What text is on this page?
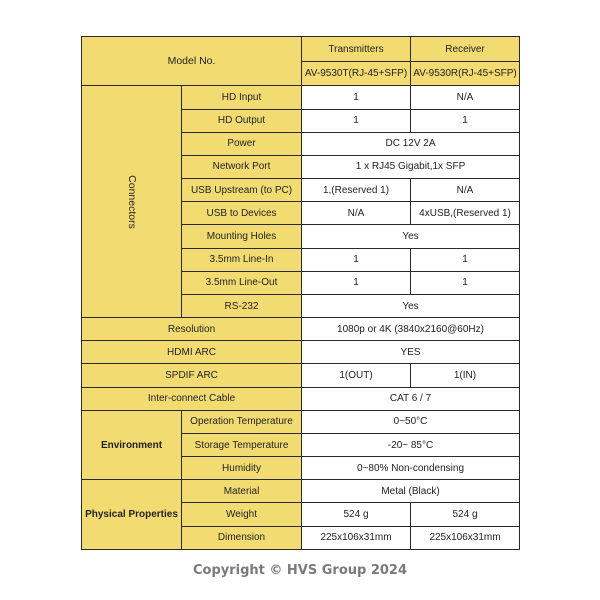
Model No.		Transmitters	Receiver
		AV-9530T(RJ-45+SFP)	AV-9530R(RJ-45+SFP)
Connectors	HD Input	1	N/A
	HD Output	1	1
	Power	DC 12V 2A	
	Network Port	1 x RJ45 Gigabit,1x SFP	
	USB Upstream (to PC)	1,(Reserved 1)	N/A
	USB to Devices	N/A	4xUSB,(Reserved 1)
	Mounting Holes	Yes	
	3.5mm Line-In	1	1
	3.5mm Line-Out	1	1
	RS-232	Yes	
Resolution		1080p or 4K (3840x2160@60Hz)	
HDMI ARC		YES	
SPDIF ARC		1(OUT)	1(IN)
Inter-connect Cable		CAT 6 / 7	
Environment	Operation Temperature	0~50°C	
	Storage Temperature	-20~ 85°C	
	Humidity	0~80% Non-condensing	
Physical Properties	Material	Metal (Black)	
	Weight	524 g	524 g
	Dimension	225x106x31mm	225x106x31mm
Copyright © HVS Group 2024
